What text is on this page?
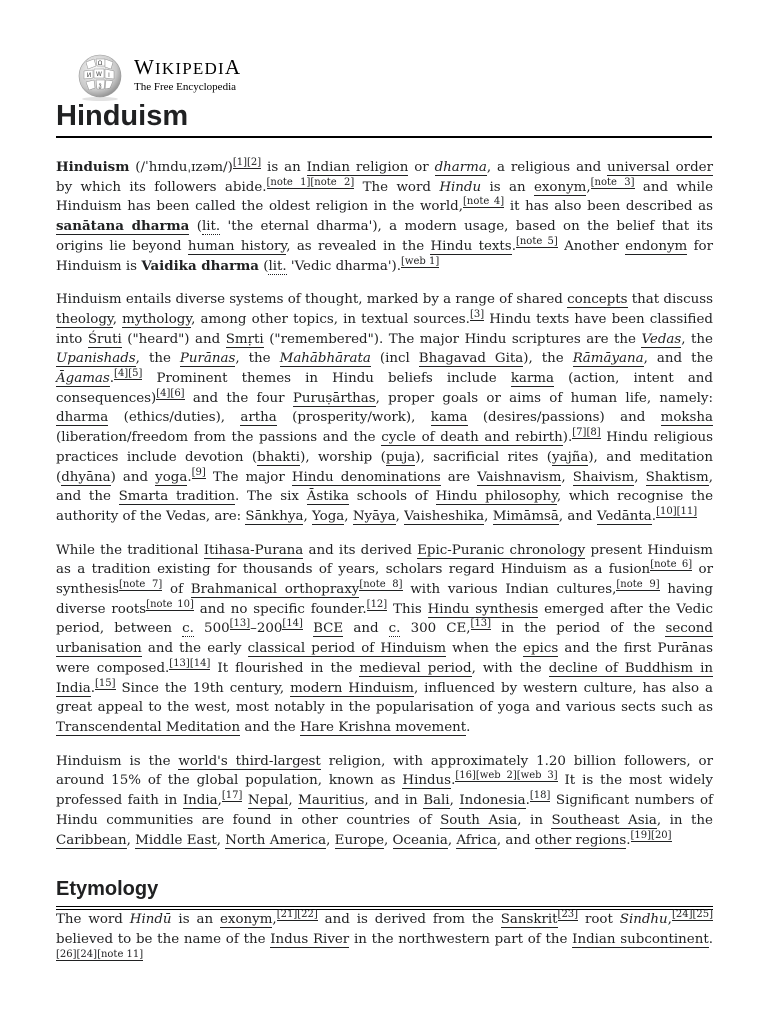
Ω
W
И	ا
ვ
WIKIPEDIA
The Free Encyclopedia
Hinduism

Hinduism (/ˈhɪnduˌɪzəm/)[1][2] is an Indian religion or dharma, a religious and universal order by which its followers abide.[note 1][note 2] The word Hindu is an exonym,[note 3] and while Hinduism has been called the oldest religion in the world,[note 4] it has also been described as sanātana dharma (lit. 'the eternal dharma'), a modern usage, based on the belief that its origins lie beyond human history, as revealed in the Hindu texts.[note 5] Another endonym for Hinduism is Vaidika dharma (lit. 'Vedic dharma').[web 1]

Hinduism entails diverse systems of thought, marked by a range of shared concepts that discuss theology, mythology, among other topics, in textual sources.[3] Hindu texts have been classified into Śruti ("heard") and Smṛti ("remembered"). The major Hindu scriptures are the Vedas, the Upanishads, the Purānas, the Mahābhārata (incl Bhagavad Gita), the Rāmāyana, and the Āgamas.[4][5] Prominent themes in Hindu beliefs include karma (action, intent and consequences)[4][6] and the four Puruṣārthas, proper goals or aims of human life, namely: dharma (ethics/duties), artha (prosperity/work), kama (desires/passions) and moksha (liberation/freedom from the passions and the cycle of death and rebirth).[7][8] Hindu religious practices include devotion (bhakti), worship (puja), sacrificial rites (yajña), and meditation (dhyāna) and yoga.[9] The major Hindu denominations are Vaishnavism, Shaivism, Shaktism, and the Smarta tradition. The six Āstika schools of Hindu philosophy, which recognise the authority of the Vedas, are: Sānkhya, Yoga, Nyāya, Vaisheshika, Mimāmsā, and Vedānta.[10][11]

While the traditional Itihasa-Purana and its derived Epic-Puranic chronology present Hinduism as a tradition existing for thousands of years, scholars regard Hinduism as a fusion[note 6] or synthesis[note 7] of Brahmanical orthopraxy[note 8] with various Indian cultures,[note 9] having diverse roots[note 10] and no specific founder.[12] This Hindu synthesis emerged after the Vedic period, between c. 500[13]–200[14] BCE and c. 300 CE,[13] in the period of the second urbanisation and the early classical period of Hinduism when the epics and the first Purānas were composed.[13][14] It flourished in the medieval period, with the decline of Buddhism in India.[15] Since the 19th century, modern Hinduism, influenced by western culture, has also a great appeal to the west, most notably in the popularisation of yoga and various sects such as Transcendental Meditation and the Hare Krishna movement.

Hinduism is the world's third-largest religion, with approximately 1.20 billion followers, or around 15% of the global population, known as Hindus.[16][web 2][web 3] It is the most widely professed faith in India,[17] Nepal, Mauritius, and in Bali, Indonesia.[18] Significant numbers of Hindu communities are found in other countries of South Asia, in Southeast Asia, in the Caribbean, Middle East, North America, Europe, Oceania, Africa, and other regions.[19][20]

Etymology

The word Hindū is an exonym,[21][22] and is derived from the Sanskrit[23] root Sindhu,[24][25] believed to be the name of the Indus River in the northwestern part of the Indian subcontinent.[26][24][note 11]
